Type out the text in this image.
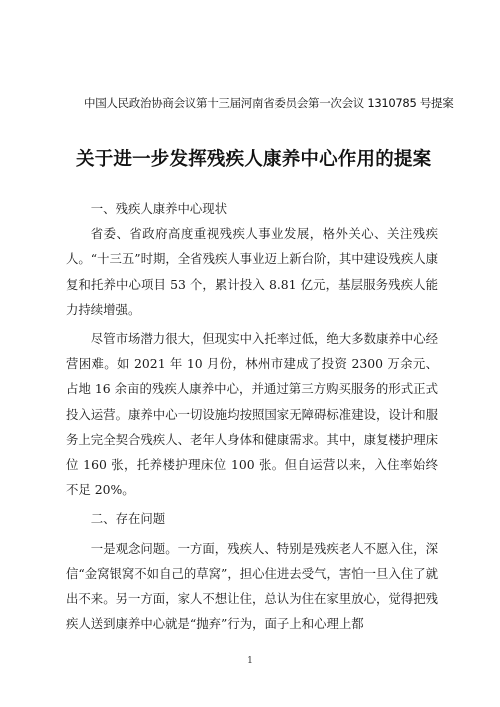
中国人民政治协商会议第十三届河南省委员会第一次会议 1310785 号提案
关于进一步发挥残疾人康养中心作用的提案

一、残疾人康养中心现状

省委、省政府高度重视残疾人事业发展，格外关心、关注残疾人。“十三五”时期，全省残疾人事业迈上新台阶，其中建设残疾人康复和托养中心项目 53 个，累计投入 8.81 亿元，基层服务残疾人能力持续增强。

尽管市场潜力很大，但现实中入托率过低，绝大多数康养中心经营困难。如 2021 年 10 月份，林州市建成了投资 2300 万余元、占地 16 余亩的残疾人康养中心，并通过第三方购买服务的形式正式投入运营。康养中心一切设施均按照国家无障碍标准建设，设计和服务上完全契合残疾人、老年人身体和健康需求。其中，康复楼护理床位 160 张，托养楼护理床位 100 张。但自运营以来，入住率始终不足 20%。

二、存在问题

一是观念问题。一方面，残疾人、特别是残疾老人不愿入住，深信“金窝银窝不如自己的草窝”，担心住进去受气，害怕一旦入住了就出不来。另一方面，家人不想让住，总认为住在家里放心，觉得把残疾人送到康养中心就是“抛弃”行为，面子上和心理上都

1
